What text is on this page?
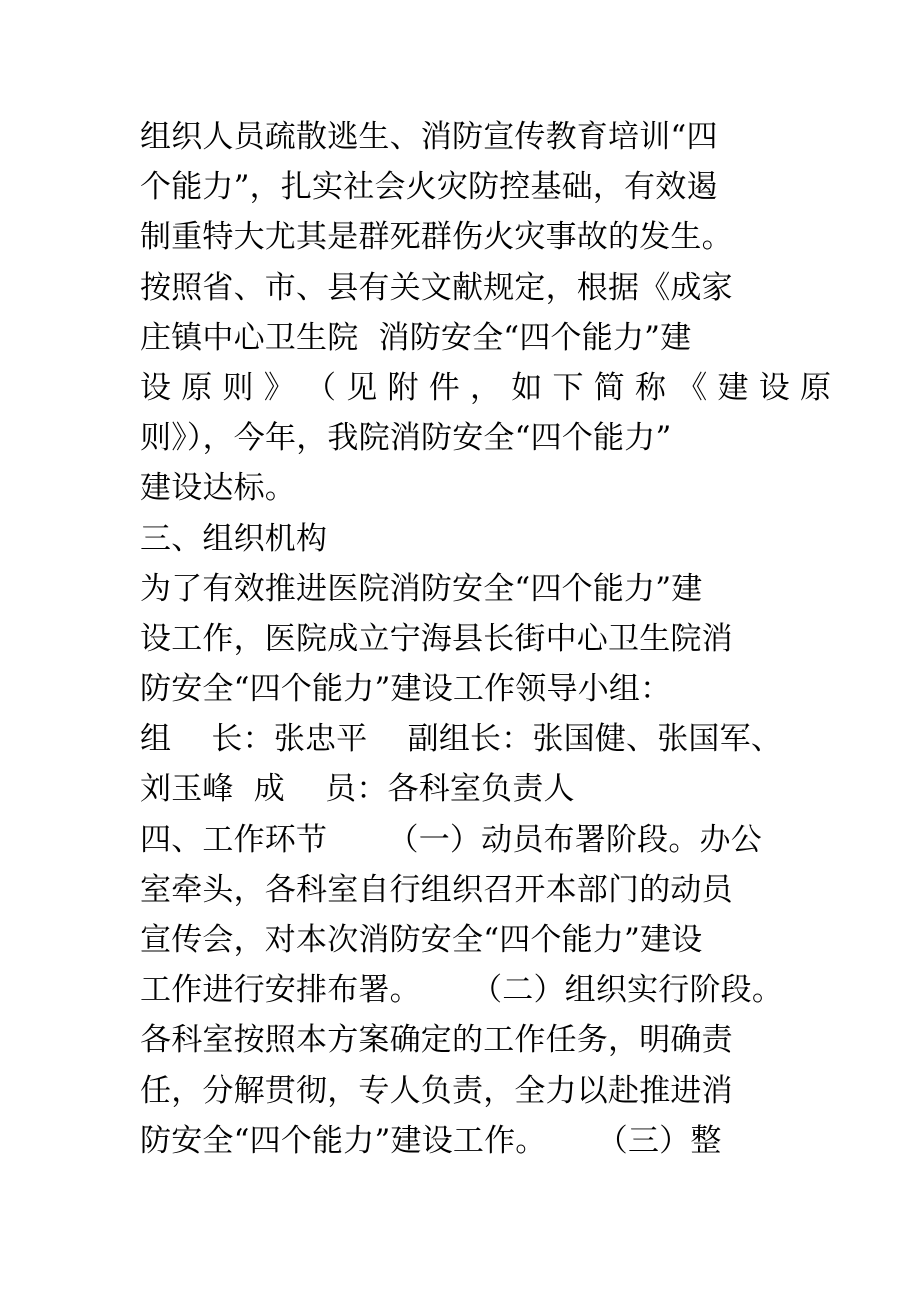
组织人员疏散逃生、消防宣传教育培训“四
个能力”，扎实社会火灾防控基础，有效遏
制重特大尤其是群死群伤火灾事故的发生。
按照省、市、县有关文献规定，根据《成家
庄镇中心卫生院  消防安全“四个能力”建
设 原 则 》 （ 见 附 件 ， 如 下 简 称 《 建 设 原
则》），今年，我院消防安全“四个能力”
建设达标。
三、组织机构
为了有效推进医院消防安全“四个能力”建
设工作，医院成立宁海县长街中心卫生院消
防安全“四个能力”建设工作领导小组：
组    长：张忠平    副组长：张国健、张国军、
刘玉峰  成    员：各科室负责人
四、工作环节      （一）动员布署阶段。办公
室牵头，各科室自行组织召开本部门的动员
宣传会，对本次消防安全“四个能力”建设
工作进行安排布署。     （二）组织实行阶段。
各科室按照本方案确定的工作任务，明确责
任，分解贯彻，专人负责，全力以赴推进消
防安全“四个能力”建设工作。     （三）整
